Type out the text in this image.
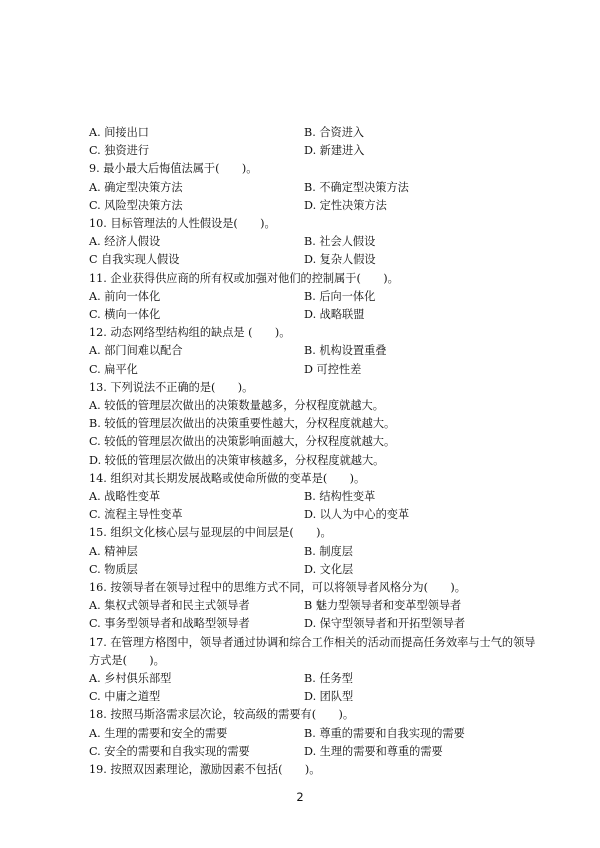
A. 间接出口	B. 合资进入
C. 独资进行	D. 新建进入
9. 最小最大后悔值法属于(　　)。
A. 确定型决策方法	B. 不确定型决策方法
C. 风险型决策方法	D. 定性决策方法
10. 目标管理法的人性假设是(　　)。
A. 经济人假设	B. 社会人假设
C 自我实现人假设	D. 复杂人假设
11. 企业获得供应商的所有权或加强对他们的控制属于(　　)。
A. 前向一体化	B. 后向一体化
C. 横向一体化	D. 战略联盟
12. 动态网络型结构组的缺点是 (　　)。
A. 部门间难以配合	B. 机构设置重叠
C. 扁平化	D 可控性差
13. 下列说法不正确的是(　　)。
A. 较低的管理层次做出的决策数量越多，分权程度就越大。
B. 较低的管理层次做出的决策重要性越大，分权程度就越大。
C. 较低的管理层次做出的决策影响面越大，分权程度就越大。
D. 较低的管理层次做出的决策审核越多，分权程度就越大。
14. 组织对其长期发展战略或使命所做的变革是(　　)。
A. 战略性变革	B. 结构性变革
C. 流程主导性变革	D. 以人为中心的变革
15. 组织文化核心层与显现层的中间层是(　　)。
A. 精神层	B. 制度层
C. 物质层	D. 文化层
16. 按领导者在领导过程中的思维方式不同，可以将领导者风格分为(　　)。
A. 集权式领导者和民主式领导者	B 魅力型领导者和变革型领导者
C. 事务型领导者和战略型领导者	D. 保守型领导者和开拓型领导者
17. 在管理方格图中，领导者通过协调和综合工作相关的活动而提高任务效率与士气的领导
方式是(　　)。
A. 乡村俱乐部型	B. 任务型
C. 中庸之道型	D. 团队型
18. 按照马斯洛需求层次论，较高级的需要有(　　)。
A. 生理的需要和安全的需要	B. 尊重的需要和自我实现的需要
C. 安全的需要和自我实现的需要	D. 生理的需要和尊重的需要
19. 按照双因素理论，激励因素不包括(　　)。
2
